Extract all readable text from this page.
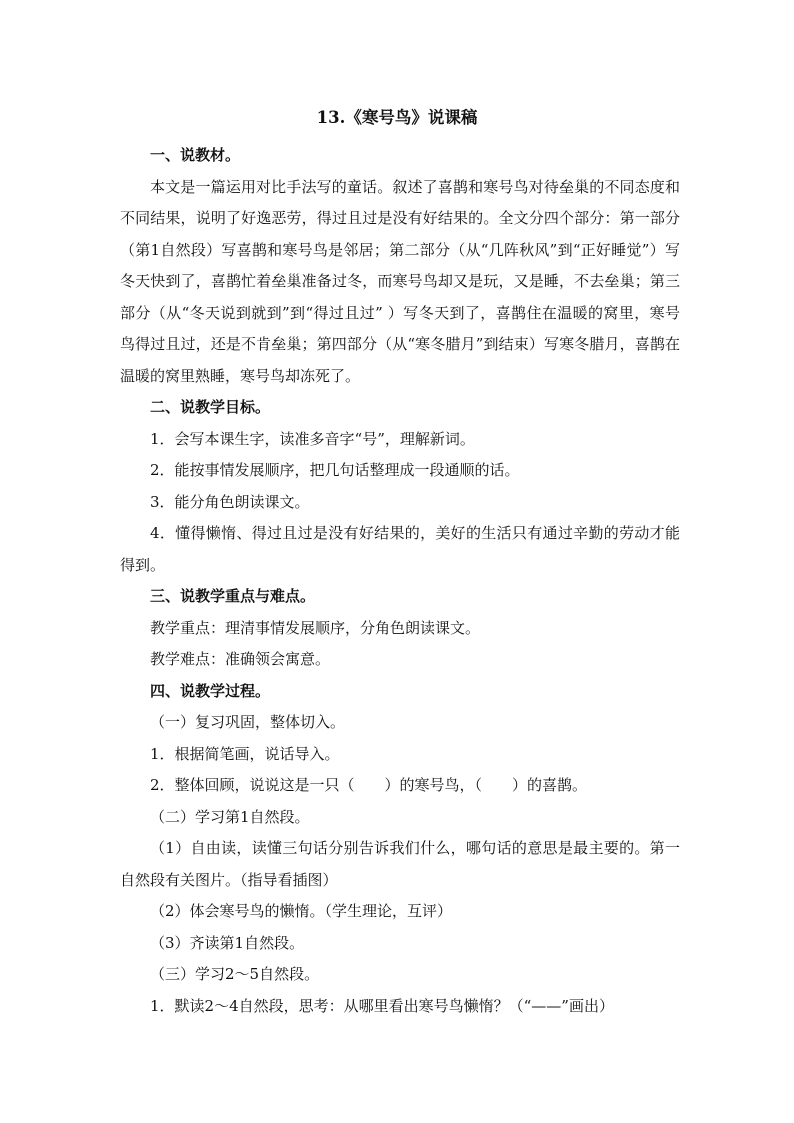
13.《寒号鸟》说课稿

一、说教材。

本文是一篇运用对比手法写的童话。叙述了喜鹊和寒号鸟对待垒巢的不同态度和不同结果，说明了好逸恶劳，得过且过是没有好结果的。全文分四个部分：第一部分（第1自然段）写喜鹊和寒号鸟是邻居；第二部分（从“几阵秋风”到“正好睡觉”）写冬天快到了，喜鹊忙着垒巢准备过冬，而寒号鸟却又是玩，又是睡，不去垒巢；第三部分（从“冬天说到就到”到“得过且过” ）写冬天到了，喜鹊住在温暖的窝里，寒号鸟得过且过，还是不肯垒巢；第四部分（从“寒冬腊月”到结束）写寒冬腊月，喜鹊在温暖的窝里熟睡，寒号鸟却冻死了。

二、说教学目标。

1．会写本课生字，读准多音字“号”，理解新词。

2．能按事情发展顺序，把几句话整理成一段通顺的话。

3．能分角色朗读课文。

4．懂得懒惰、得过且过是没有好结果的，美好的生活只有通过辛勤的劳动才能得到。

三、说教学重点与难点。

教学重点：理清事情发展顺序，分角色朗读课文。

教学难点：准确领会寓意。

四、说教学过程。

（一）复习巩固，整体切入。

1．根据简笔画，说话导入。

2．整体回顾，说说这是一只（　　）的寒号鸟，（　　）的喜鹊。

（二）学习第1自然段。

（1）自由读，读懂三句话分别告诉我们什么，哪句话的意思是最主要的。第一自然段有关图片。（指导看插图）

（2）体会寒号鸟的懒惰。（学生理论，互评）

（3）齐读第1自然段。

（三）学习2～5自然段。

1．默读2～4自然段，思考：从哪里看出寒号鸟懒惰？（“——”画出）
